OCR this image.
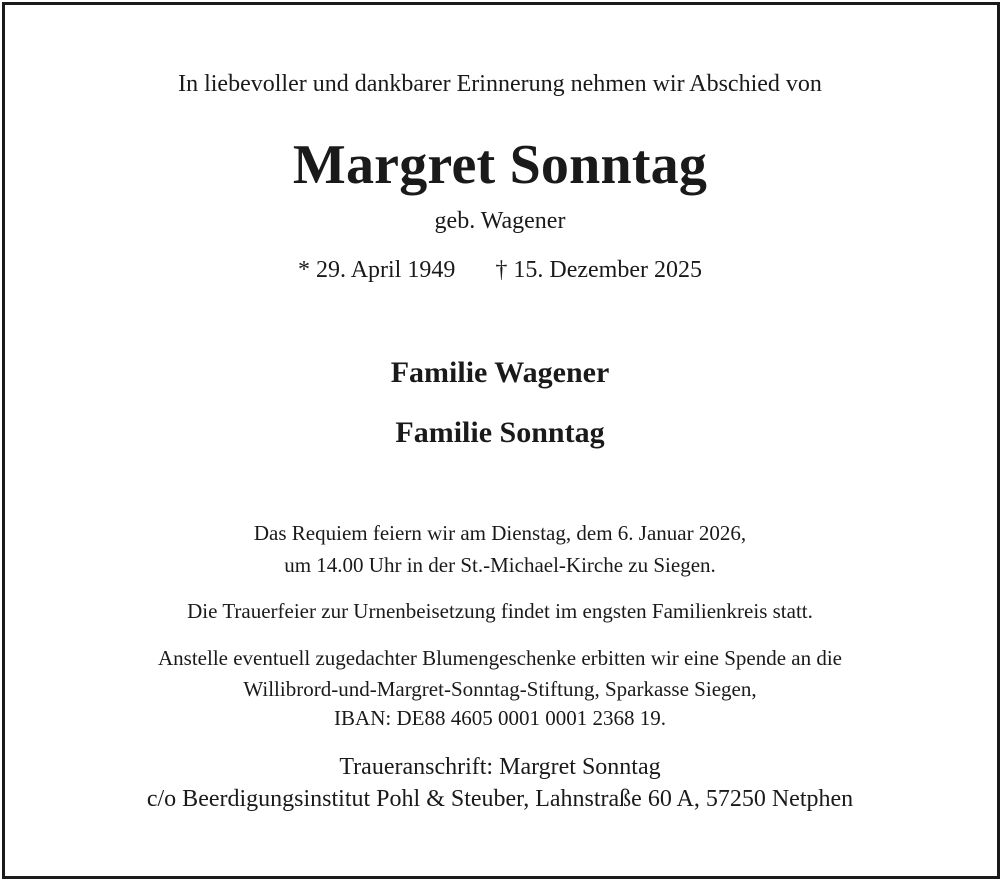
In liebevoller und dankbarer Erinnerung nehmen wir Abschied von
Margret Sonntag
geb. Wagener
* 29. April 1949 † 15. Dezember 2025
Familie Wagener
Familie Sonntag
Das Requiem feiern wir am Dienstag, dem 6. Januar 2026,
um 14.00 Uhr in der St.-Michael-Kirche zu Siegen.
Die Trauerfeier zur Urnenbeisetzung findet im engsten Familienkreis statt.
Anstelle eventuell zugedachter Blumengeschenke erbitten wir eine Spende an die
Willibrord-und-Margret-Sonntag-Stiftung, Sparkasse Siegen,
IBAN: DE88 4605 0001 0001 2368 19.
Traueranschrift: Margret Sonntag
c/o Beerdigungsinstitut Pohl & Steuber, Lahnstraße 60 A, 57250 Netphen
